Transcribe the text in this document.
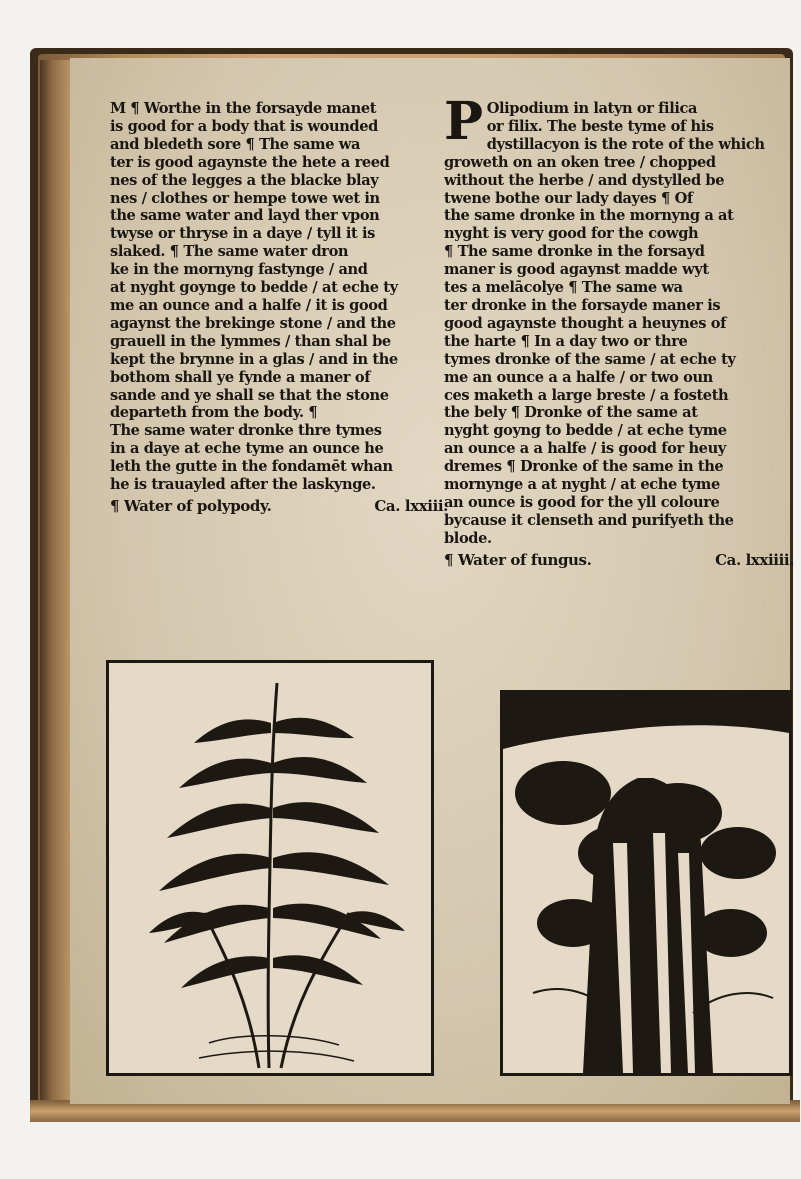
M ¶ Worthe in the forsayde manet
is good for a body that is wounded
and bledeth sore ¶ The same wa
ter is good agaynste the hete a reed
nes of the legges a the blacke blay
nes / clothes or hempe towe wet in
the same water and layd ther vpon
twyse or thryse in a daye / tyll it is
slaked. ¶ The same water dron
ke in the mornyng fastynge / and
at nyght goynge to bedde / at eche ty
me an ounce and a halfe / it is good
agaynst the brekinge stone / and the
grauell in the lymmes / than shal be
kept the brynne in a glas / and in the
bothom shall ye fynde a maner of
sande and ye shall se that the stone
departeth from the body. ¶
The same water dronke thre tymes
in a daye at eche tyme an ounce he
leth the gutte in the fondamēt whan
he is trauayled after the laskynge.
¶ Water of polypody.	Ca. lxxiii.
P Olipodium in latyn or filica
or filix. The beste tyme of his
dystillacyon is the rote of the which
groweth on an oken tree / chopped
without the herbe / and dystylled be
twene bothe our lady dayes ¶ Of
the same dronke in the mornyng a at
nyght is very good for the cowgh
¶ The same dronke in the forsayd
maner is good agaynst madde wyt
tes a melācolye ¶ The same wa
ter dronke in the forsayde maner is
good agaynste thought a heuynes of
the harte ¶ In a day two or thre
tymes dronke of the same / at eche ty
me an ounce a a halfe / or two oun
ces maketh a large breste / a fosteth
the bely ¶ Dronke of the same at
nyght goyng to bedde / at eche tyme
an ounce a a halfe / is good for heuy
dremes ¶ Dronke of the same in the
mornynge a at nyght / at eche tyme
an ounce is good for the yll coloure
bycause it clenseth and purifyeth the
blode.
¶ Water of fungus.	Ca. lxxiiii.
